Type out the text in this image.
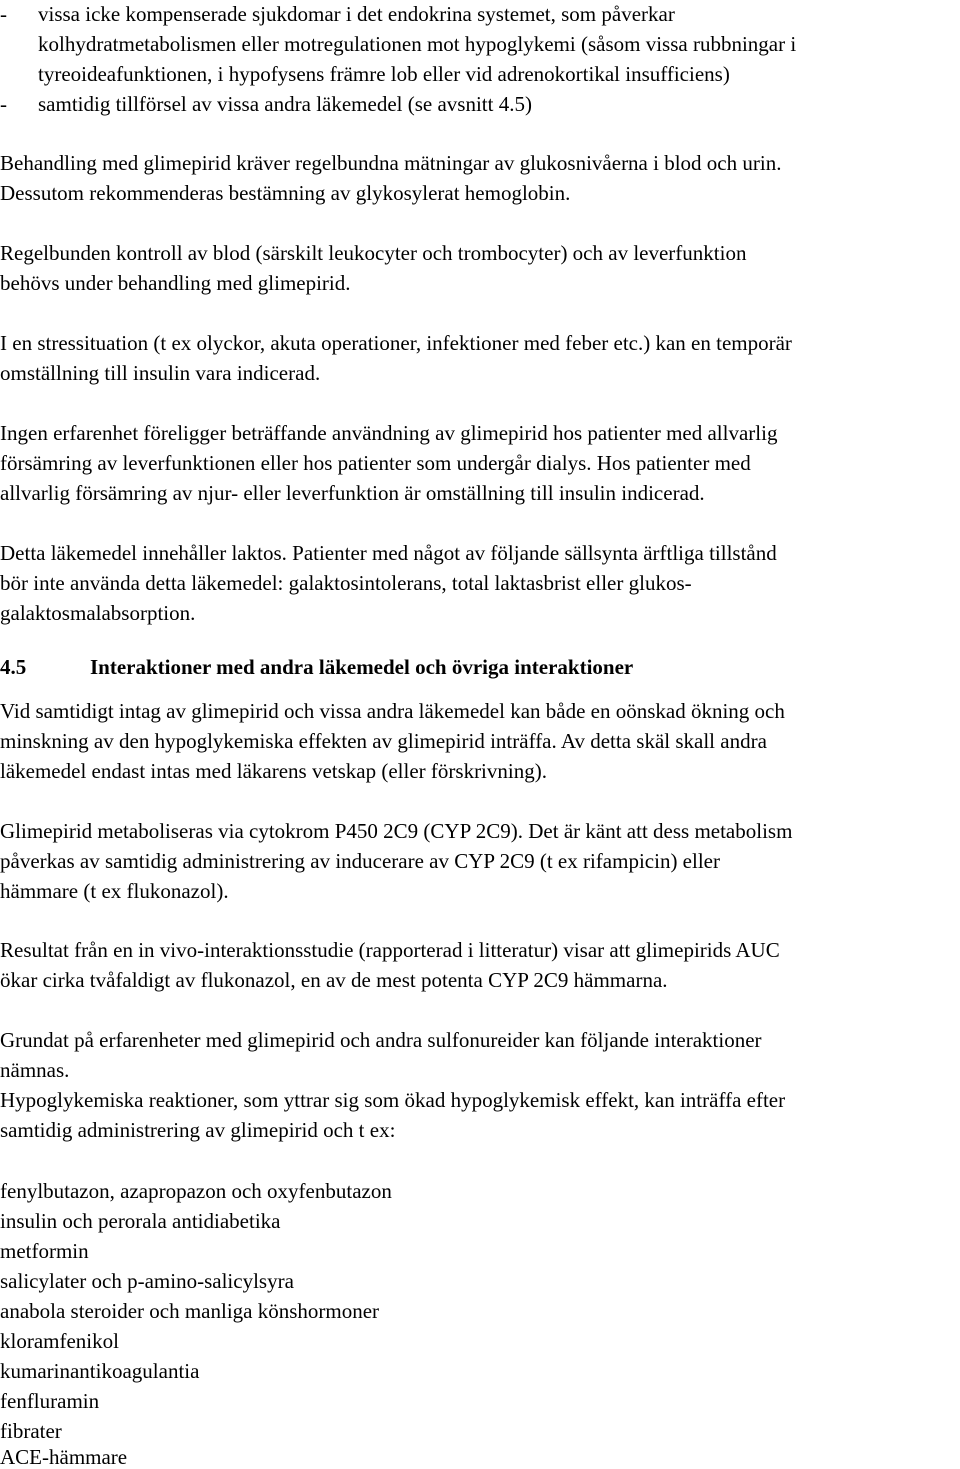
- vissa icke kompenserade sjukdomar i det endokrina systemet, som påverkar
kolhydratmetabolismen eller motregulationen mot hypoglykemi (såsom vissa rubbningar i
tyreoideafunktionen, i hypofysens främre lob eller vid adrenokortikal insufficiens)
- samtidig tillförsel av vissa andra läkemedel (se avsnitt 4.5)
Behandling med glimepirid kräver regelbundna mätningar av glukosnivåerna i blod och urin.
Dessutom rekommenderas bestämning av glykosylerat hemoglobin.
Regelbunden kontroll av blod (särskilt leukocyter och trombocyter) och av leverfunktion
behövs under behandling med glimepirid.
I en stressituation (t ex olyckor, akuta operationer, infektioner med feber etc.) kan en temporär
omställning till insulin vara indicerad.
Ingen erfarenhet föreligger beträffande användning av glimepirid hos patienter med allvarlig
försämring av leverfunktionen eller hos patienter som undergår dialys. Hos patienter med
allvarlig försämring av njur- eller leverfunktion är omställning till insulin indicerad.
Detta läkemedel innehåller laktos. Patienter med något av följande sällsynta ärftliga tillstånd
bör inte använda detta läkemedel: galaktosintolerans, total laktasbrist eller glukos-
galaktosmalabsorption.
4.5	Interaktioner med andra läkemedel och övriga interaktioner
Vid samtidigt intag av glimepirid och vissa andra läkemedel kan både en oönskad ökning och
minskning av den hypoglykemiska effekten av glimepirid inträffa. Av detta skäl skall andra
läkemedel endast intas med läkarens vetskap (eller förskrivning).
Glimepirid metaboliseras via cytokrom P450 2C9 (CYP 2C9). Det är känt att dess metabolism
påverkas av samtidig administrering av inducerare av CYP 2C9 (t ex rifampicin) eller
hämmare (t ex flukonazol).
Resultat från en in vivo-interaktionsstudie (rapporterad i litteratur) visar att glimepirids AUC
ökar cirka tvåfaldigt av flukonazol, en av de mest potenta CYP 2C9 hämmarna.
Grundat på erfarenheter med glimepirid och andra sulfonureider kan följande interaktioner
nämnas.
Hypoglykemiska reaktioner, som yttrar sig som ökad hypoglykemisk effekt, kan inträffa efter
samtidig administrering av glimepirid och t ex:
fenylbutazon, azapropazon och oxyfenbutazon
insulin och perorala antidiabetika
metformin
salicylater och p-amino-salicylsyra
anabola steroider och manliga könshormoner
kloramfenikol
kumarinantikoagulantia
fenfluramin
fibrater
ACE-hämmare
